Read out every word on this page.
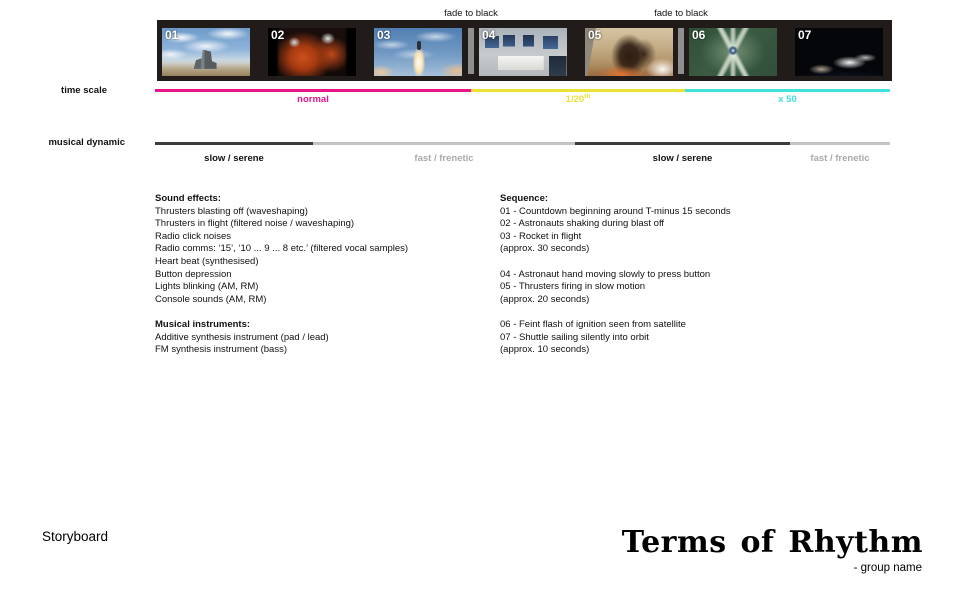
fade to black	fade to black
01	02	03	04	05	06	07
time scale
musical dynamic
normal	1/20th	x 50
slow / serene	fast / frenetic	slow / serene	fast / frenetic
Sound effects:
Thrusters blasting off (waveshaping)
Thrusters in flight (filtered noise / waveshaping)
Radio click noises
Radio comms: ‘15’, ‘10 ... 9 ... 8 etc.’ (filtered vocal samples)
Heart beat (synthesised)
Button depression
Lights blinking (AM, RM)
Console sounds (AM, RM)
Musical instruments:
Additive synthesis instrument (pad / lead)
FM synthesis instrument (bass)
Sequence:
01 - Countdown beginning around T-minus 15 seconds
02 - Astronauts shaking during blast off
03 - Rocket in flight
(approx. 30 seconds)
04 - Astronaut hand moving slowly to press button
05 - Thrusters firing in slow motion
(approx. 20 seconds)
06 - Feint flash of ignition seen from satellite
07 - Shuttle sailing silently into orbit
(approx. 10 seconds)
Storyboard	Terms of Rhythm
- group name
